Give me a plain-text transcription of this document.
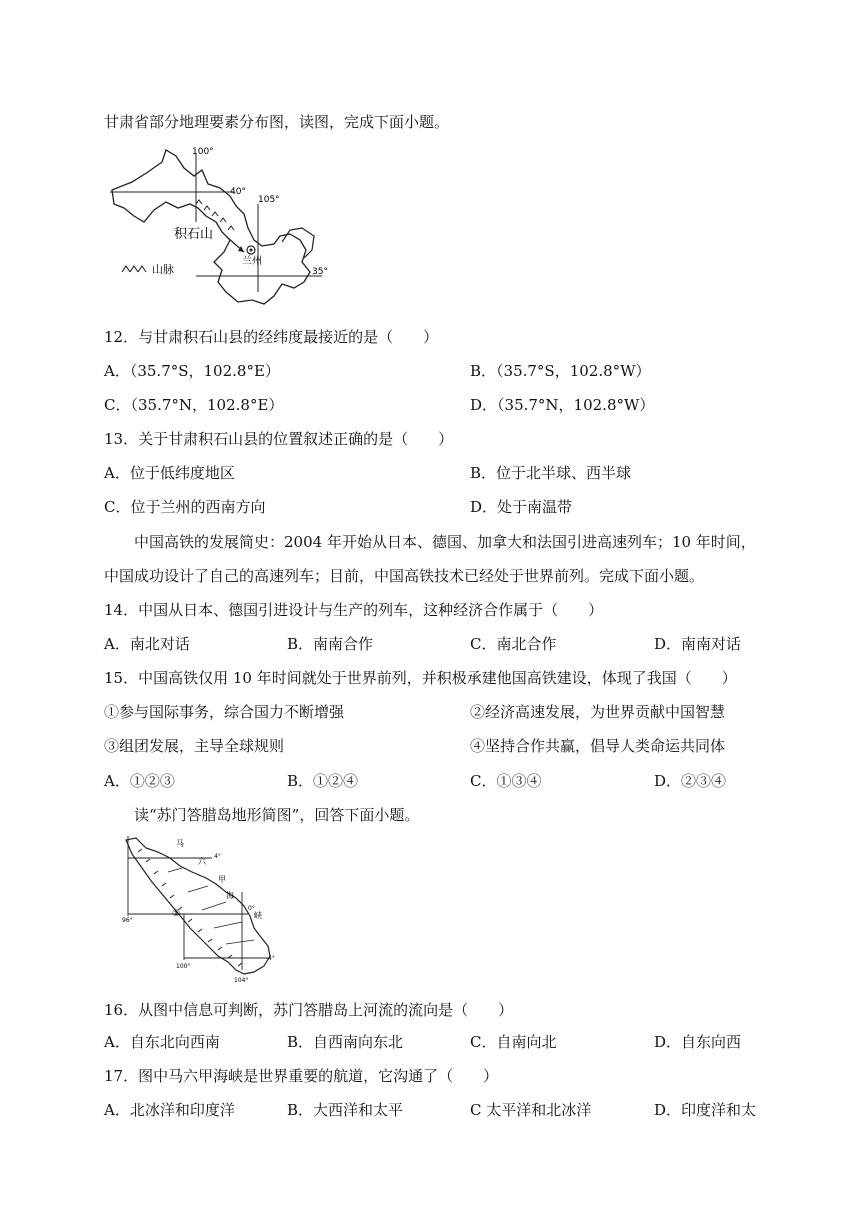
甘肃省部分地理要素分布图，读图，完成下面小题。
100°
40°
105°
35°
积石山
兰州
山脉
12．与甘肃积石山县的经纬度最接近的是（　　）
A．（35.7°S，102.8°E）	B．（35.7°S，102.8°W）
C．（35.7°N，102.8°E）	D．（35.7°N，102.8°W）
13．关于甘肃积石山县的位置叙述正确的是（　　）
A．位于低纬度地区	B．位于北半球、西半球
C．位于兰州的西南方向	D．处于南温带
中国高铁的发展简史：2004 年开始从日本、德国、加拿大和法国引进高速列车；10 年时间，
中国成功设计了自己的高速列车；目前，中国高铁技术已经处于世界前列。完成下面小题。
14．中国从日本、德国引进设计与生产的列车，这种经济合作属于（　　）
A．南北对话	B．南南合作	C．南北合作	D．南南对话
15．中国高铁仅用 10 年时间就处于世界前列，并积极承建他国高铁建设，体现了我国（　　）
①参与国际事务，综合国力不断增强	②经济高速发展，为世界贡献中国智慧
③组团发展，主导全球规则	④坚持合作共赢，倡导人类命运共同体
A．①②③	B．①②④	C．①③④	D．②③④
读“苏门答腊岛地形简图”，回答下面小题。
马
六
甲
海
峡
4°
0°
4°
96°
100°
104°
①
16．从图中信息可判断，苏门答腊岛上河流的流向是（　　）
A．自东北向西南	B．自西南向东北	C．自南向北	D．自东向西
17．图中马六甲海峡是世界重要的航道，它沟通了（　　）
A．北冰洋和印度洋	B．大西洋和太平	C 太平洋和北冰洋	D．印度洋和太
